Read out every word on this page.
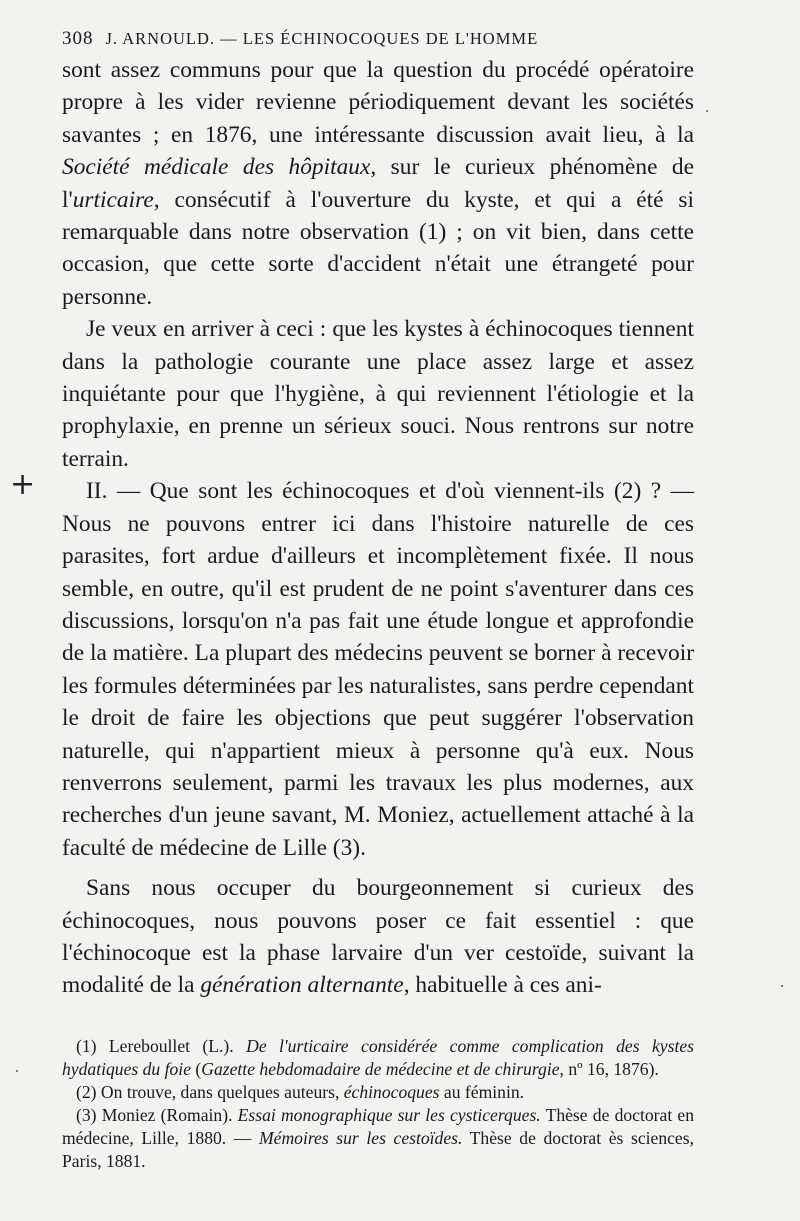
+
308 J. ARNOULD. — LES ÉCHINOCOQUES DE L'HOMME

sont assez communs pour que la question du procédé opératoire propre à les vider revienne périodiquement devant les sociétés savantes ; en 1876, une intéressante discussion avait lieu, à la Société médicale des hôpitaux, sur le curieux phénomène de l'urticaire, consécutif à l'ouverture du kyste, et qui a été si remarquable dans notre observation (1) ; on vit bien, dans cette occasion, que cette sorte d'accident n'était une étrangeté pour personne.

Je veux en arriver à ceci : que les kystes à échinocoques tiennent dans la pathologie courante une place assez large et assez inquiétante pour que l'hygiène, à qui reviennent l'étiologie et la prophylaxie, en prenne un sérieux souci. Nous rentrons sur notre terrain.

II. — Que sont les échinocoques et d'où viennent-ils (2) ? — Nous ne pouvons entrer ici dans l'histoire naturelle de ces parasites, fort ardue d'ailleurs et incomplètement fixée. Il nous semble, en outre, qu'il est prudent de ne point s'aventurer dans ces discussions, lorsqu'on n'a pas fait une étude longue et approfondie de la matière. La plupart des médecins peuvent se borner à recevoir les formules déterminées par les naturalistes, sans perdre cependant le droit de faire les objections que peut suggérer l'observation naturelle, qui n'appartient mieux à personne qu'à eux. Nous renverrons seulement, parmi les travaux les plus modernes, aux recherches d'un jeune savant, M. Moniez, actuellement attaché à la faculté de médecine de Lille (3).

Sans nous occuper du bourgeonnement si curieux des échinocoques, nous pouvons poser ce fait essentiel : que l'échinocoque est la phase larvaire d'un ver cestoïde, suivant la modalité de la génération alternante, habituelle à ces ani-

(1) Lereboullet (L.). De l'urticaire considérée comme complication des kystes hydatiques du foie (Gazette hebdomadaire de médecine et de chirurgie, nº 16, 1876).

(2) On trouve, dans quelques auteurs, échinocoques au féminin.

(3) Moniez (Romain). Essai monographique sur les cysticerques. Thèse de doctorat en médecine, Lille, 1880. — Mémoires sur les cestoïdes. Thèse de doctorat ès sciences, Paris, 1881.
